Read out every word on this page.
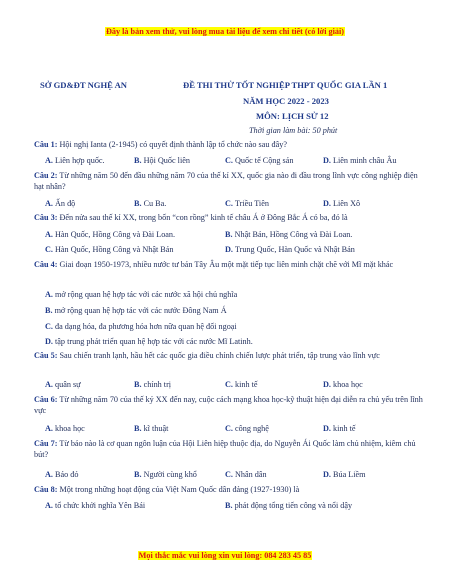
Đây là bản xem thử, vui lòng mua tài liệu để xem chi tiết (có lời giải)
SỞ GD&ĐT NGHỆ AN	ĐỀ THI THỬ TỐT NGHIỆP THPT QUỐC GIA LẦN 1
NĂM HỌC 2022 - 2023
MÔN: LỊCH SỬ 12
Thời gian làm bài: 50 phút
Câu 1: Hội nghị Ianta (2-1945) có quyết định thành lập tổ chức nào sau đây?
A. Liên hợp quốc.	B. Hội Quốc liên	C. Quốc tế Cộng sản	D. Liên minh châu Âu
Câu 2: Từ những năm 50 đến đầu những năm 70 của thế kỉ XX, quốc gia nào đi đầu trong lĩnh vực công nghiệp điện hạt nhân?
A. Ấn độ	B. Cu Ba.	C. Triều Tiên	D. Liên Xô
Câu 3: Đến nửa sau thế kỉ XX, trong bốn “con rồng” kinh tế châu Á ở Đông Bắc Á có ba, đó là
A. Hàn Quốc, Hồng Công và Đài Loan.	B. Nhật Bản, Hồng Công và Đài Loan.
C. Hàn Quốc, Hồng Công và Nhật Bản	D. Trung Quốc, Hàn Quốc và Nhật Bản
Câu 4: Giai đoạn 1950-1973, nhiều nước tư bản Tây Âu một mặt tiếp tục liên minh chặt chẽ với Mĩ mặt khác
A. mở rộng quan hệ hợp tác với các nước xã hội chủ nghĩa
B. mở rộng quan hệ hợp tác với các nước Đông Nam Á
C. đa dạng hóa, đa phương hóa hơn nữa quan hệ đối ngoại
D. tập trung phát triển quan hệ hợp tác với các nước Mĩ Latinh.
Câu 5: Sau chiến tranh lạnh, hầu hết các quốc gia điều chỉnh chiến lược phát triển, tập trung vào lĩnh vực
A. quân sự	B. chính trị	C. kinh tế	D. khoa học
Câu 6: Từ những năm 70 của thế kỷ XX đến nay, cuộc cách mạng khoa học-kỹ thuật hiện đại diễn ra chủ yếu trên lĩnh vực
A. khoa học	B. kĩ thuật	C. công nghệ	D. kinh tế
Câu 7: Từ báo nào là cơ quan ngôn luận của Hội Liên hiệp thuộc địa, do Nguyễn Ái Quốc làm chủ nhiệm, kiêm chủ bút?
A. Báo đỏ	B. Người cùng khổ	C. Nhân dân	D. Búa Liềm
Câu 8: Một trong những hoạt động của Việt Nam Quốc dân đảng (1927-1930) là
A. tổ chức khởi nghĩa Yên Bái	B. phát động tổng tiến công và nổi dậy
Mọi thắc mắc vui lòng xin vui lòng: 084 283 45 85
